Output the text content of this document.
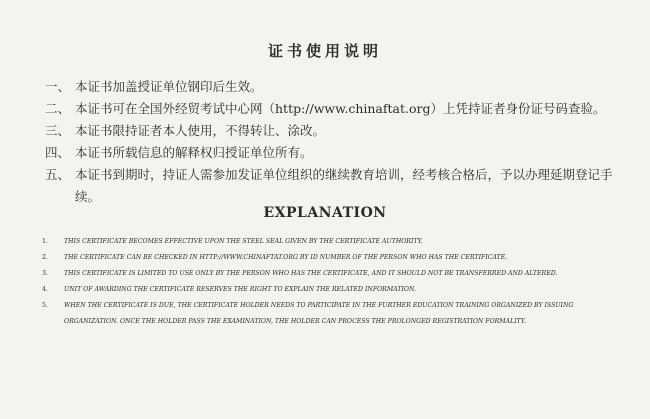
证书使用说明
一、 本证书加盖授证单位钢印后生效。
二、 本证书可在全国外经贸考试中心网（http://www.chinaftat.org）上凭持证者身份证号码查验。
三、 本证书限持证者本人使用，不得转让、涂改。
四、 本证书所载信息的解释权归授证单位所有。
五、 本证书到期时，持证人需参加发证单位组织的继续教育培训，经考核合格后，予以办理延期登记手续。
EXPLANATION
1.	THIS CERTIFICATE BECOMES EFFECTIVE UPON THE STEEL SEAL GIVEN BY THE CERTIFICATE AUTHORITY.
2.	THE CERTIFICATE CAN BE CHECKED IN HTTP://WWW.CHINAFTAT.ORG BY ID NUMBER OF THE PERSON WHO HAS THE CERTIFICATE.
3.	THIS CERTIFICATE IS LIMITED TO USE ONLY BY THE PERSON WHO HAS THE CERTIFICATE, AND IT SHOULD NOT BE TRANSFERRED AND ALTERED.
4.	UNIT OF AWARDING THE CERTIFICATE RESERVES THE RIGHT TO EXPLAIN THE RELATED INFORMATION.
5.	WHEN THE CERTIFICATE IS DUE, THE CERTIFICATE HOLDER NEEDS TO PARTICIPATE IN THE FURTHER EDUCATION TRAINING ORGANIZED BY ISSUING ORGANIZATION. ONCE THE HOLDER PASS THE EXAMINATION, THE HOLDER CAN PROCESS THE PROLONGED REGISTRATION FORMALITY.
